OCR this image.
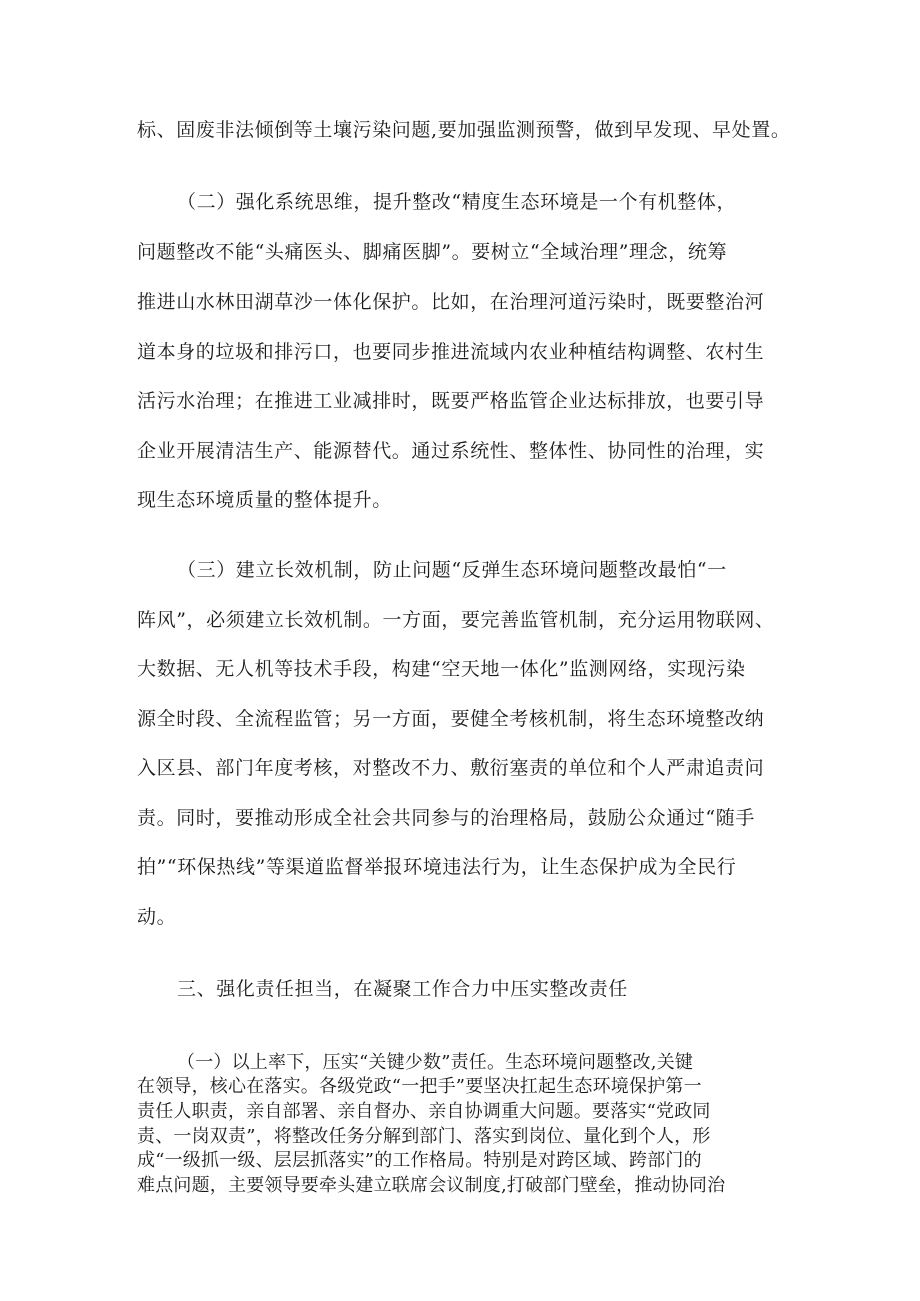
标、固废非法倾倒等土壤污染问题,要加强监测预警，做到早发现、早处置。
（二）强化系统思维，提升整改“精度生态环境是一个有机整体，
问题整改不能“头痛医头、脚痛医脚”。要树立“全域治理”理念，统筹
推进山水林田湖草沙一体化保护。比如，在治理河道污染时，既要整治河
道本身的垃圾和排污口，也要同步推进流域内农业种植结构调整、农村生
活污水治理；在推进工业减排时，既要严格监管企业达标排放，也要引导
企业开展清洁生产、能源替代。通过系统性、整体性、协同性的治理，实
现生态环境质量的整体提升。
（三）建立长效机制，防止问题“反弹生态环境问题整改最怕“一
阵风”，必须建立长效机制。一方面，要完善监管机制，充分运用物联网、
大数据、无人机等技术手段，构建“空天地一体化”监测网络，实现污染
源全时段、全流程监管；另一方面，要健全考核机制，将生态环境整改纳
入区县、部门年度考核，对整改不力、敷衍塞责的单位和个人严肃追责问
责。同时，要推动形成全社会共同参与的治理格局，鼓励公众通过“随手
拍”“环保热线”等渠道监督举报环境违法行为，让生态保护成为全民行
动。
三、强化责任担当，在凝聚工作合力中压实整改责任
（一）以上率下，压实“关键少数”责任。生态环境问题整改,关键
在领导，核心在落实。各级党政“一把手”要坚决扛起生态环境保护第一
责任人职责，亲自部署、亲自督办、亲自协调重大问题。要落实“党政同
责、一岗双责”，将整改任务分解到部门、落实到岗位、量化到个人，形
成“一级抓一级、层层抓落实”的工作格局。特别是对跨区域、跨部门的
难点问题，主要领导要牵头建立联席会议制度,打破部门壁垒，推动协同治
